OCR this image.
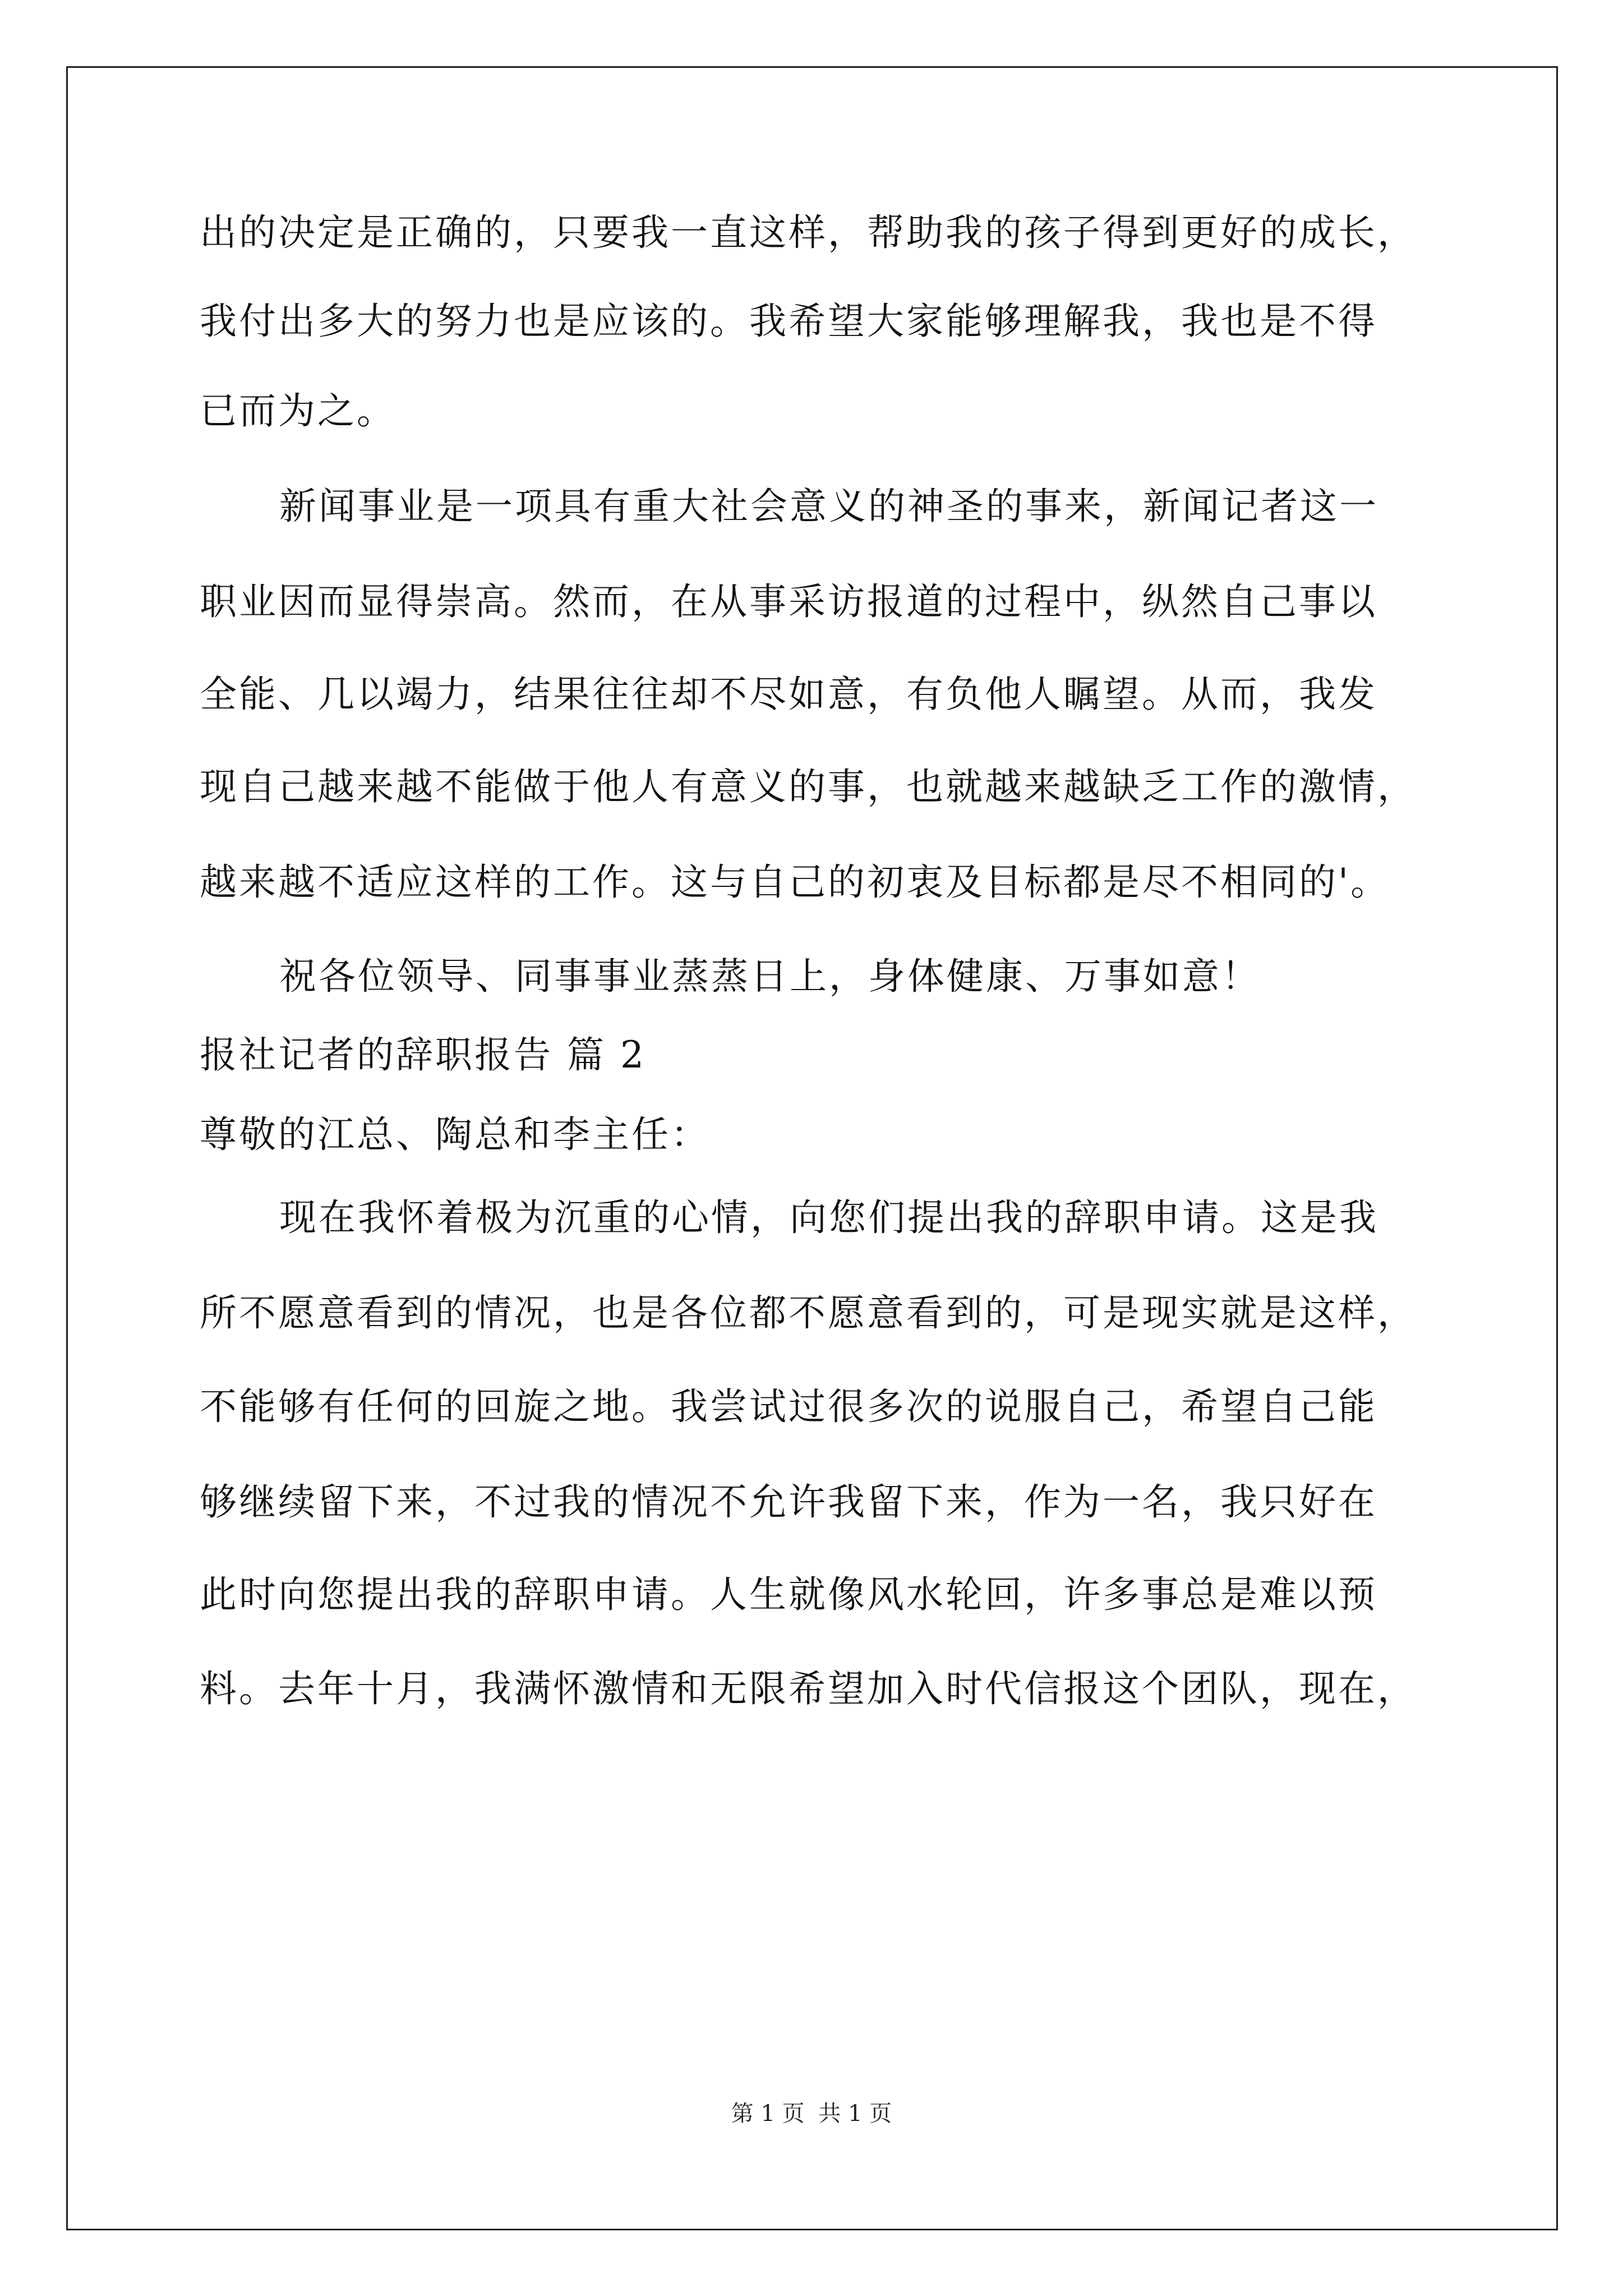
出的决定是正确的，只要我一直这样，帮助我的孩子得到更好的成长，

我付出多大的努力也是应该的。我希望大家能够理解我，我也是不得

已而为之。

新闻事业是一项具有重大社会意义的神圣的事来，新闻记者这一

职业因而显得崇高。然而，在从事采访报道的过程中，纵然自己事以

全能、几以竭力，结果往往却不尽如意，有负他人瞩望。从而，我发

现自己越来越不能做于他人有意义的事，也就越来越缺乏工作的激情，

越来越不适应这样的工作。这与自己的初衷及目标都是尽不相同的'。

祝各位领导、同事事业蒸蒸日上，身体健康、万事如意！

报社记者的辞职报告 篇 2

尊敬的江总、陶总和李主任：

现在我怀着极为沉重的心情，向您们提出我的辞职申请。这是我

所不愿意看到的情况，也是各位都不愿意看到的，可是现实就是这样，

不能够有任何的回旋之地。我尝试过很多次的说服自己，希望自己能

够继续留下来，不过我的情况不允许我留下来，作为一名，我只好在

此时向您提出我的辞职申请。人生就像风水轮回，许多事总是难以预

料。去年十月，我满怀激情和无限希望加入时代信报这个团队，现在，

第 1 页 共 1 页
